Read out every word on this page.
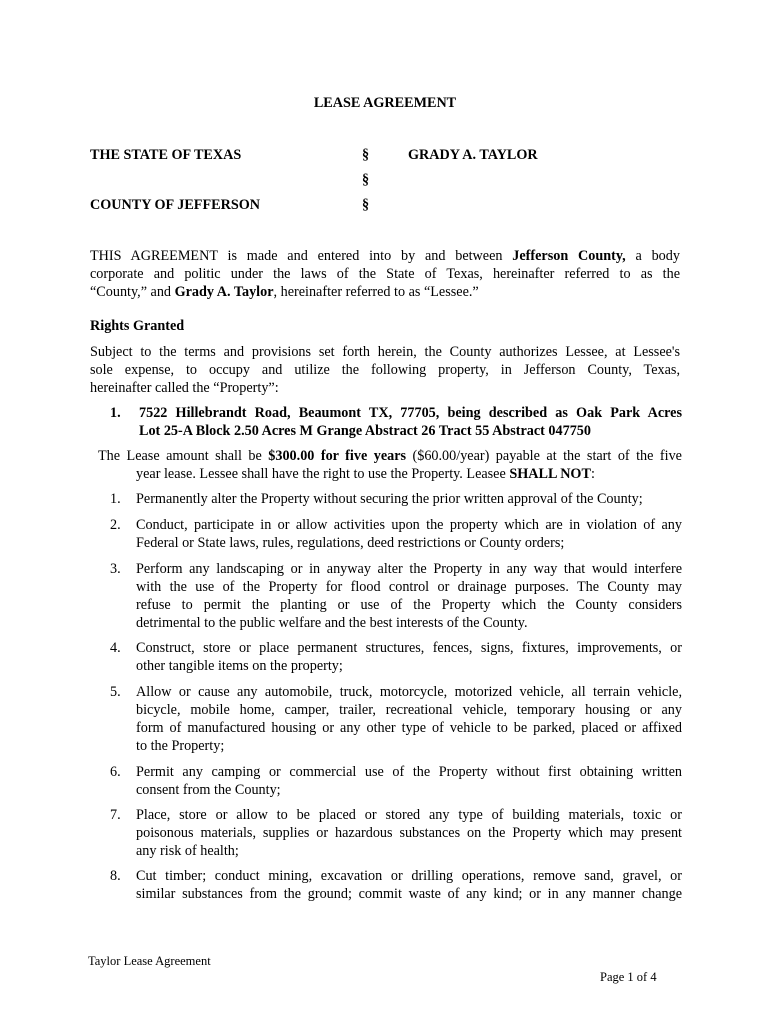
LEASE AGREEMENT
THE STATE OF TEXAS	§	GRADY A. TAYLOR
§
COUNTY OF JEFFERSON	§
THIS AGREEMENT is made and entered into by and between Jefferson County, a body
corporate and politic under the laws of the State of Texas, hereinafter referred to as the
“County,” and Grady A. Taylor, hereinafter referred to as “Lessee.”
Rights Granted
Subject to the terms and provisions set forth herein, the County authorizes Lessee, at Lessee's
sole expense, to occupy and utilize the following property, in Jefferson County, Texas,
hereinafter called the “Property”:
1. 7522 Hillebrandt Road, Beaumont TX, 77705, being described as Oak Park Acres
Lot 25-A Block 2.50 Acres M Grange Abstract 26 Tract 55 Abstract 047750
The Lease amount shall be $300.00 for five years ($60.00/year) payable at the start of the five
year lease. Lessee shall have the right to use the Property. Leasee SHALL NOT:
1. Permanently alter the Property without securing the prior written approval of the County;
2. Conduct, participate in or allow activities upon the property which are in violation of any
Federal or State laws, rules, regulations, deed restrictions or County orders;
3. Perform any landscaping or in anyway alter the Property in any way that would interfere
with the use of the Property for flood control or drainage purposes. The County may
refuse to permit the planting or use of the Property which the County considers
detrimental to the public welfare and the best interests of the County.
4. Construct, store or place permanent structures, fences, signs, fixtures, improvements, or
other tangible items on the property;
5. Allow or cause any automobile, truck, motorcycle, motorized vehicle, all terrain vehicle,
bicycle, mobile home, camper, trailer, recreational vehicle, temporary housing or any
form of manufactured housing or any other type of vehicle to be parked, placed or affixed
to the Property;
6. Permit any camping or commercial use of the Property without first obtaining written
consent from the County;
7. Place, store or allow to be placed or stored any type of building materials, toxic or
poisonous materials, supplies or hazardous substances on the Property which may present
any risk of health;
8. Cut timber; conduct mining, excavation or drilling operations, remove sand, gravel, or
similar substances from the ground; commit waste of any kind; or in any manner change
Taylor Lease Agreement
Page 1 of 4
